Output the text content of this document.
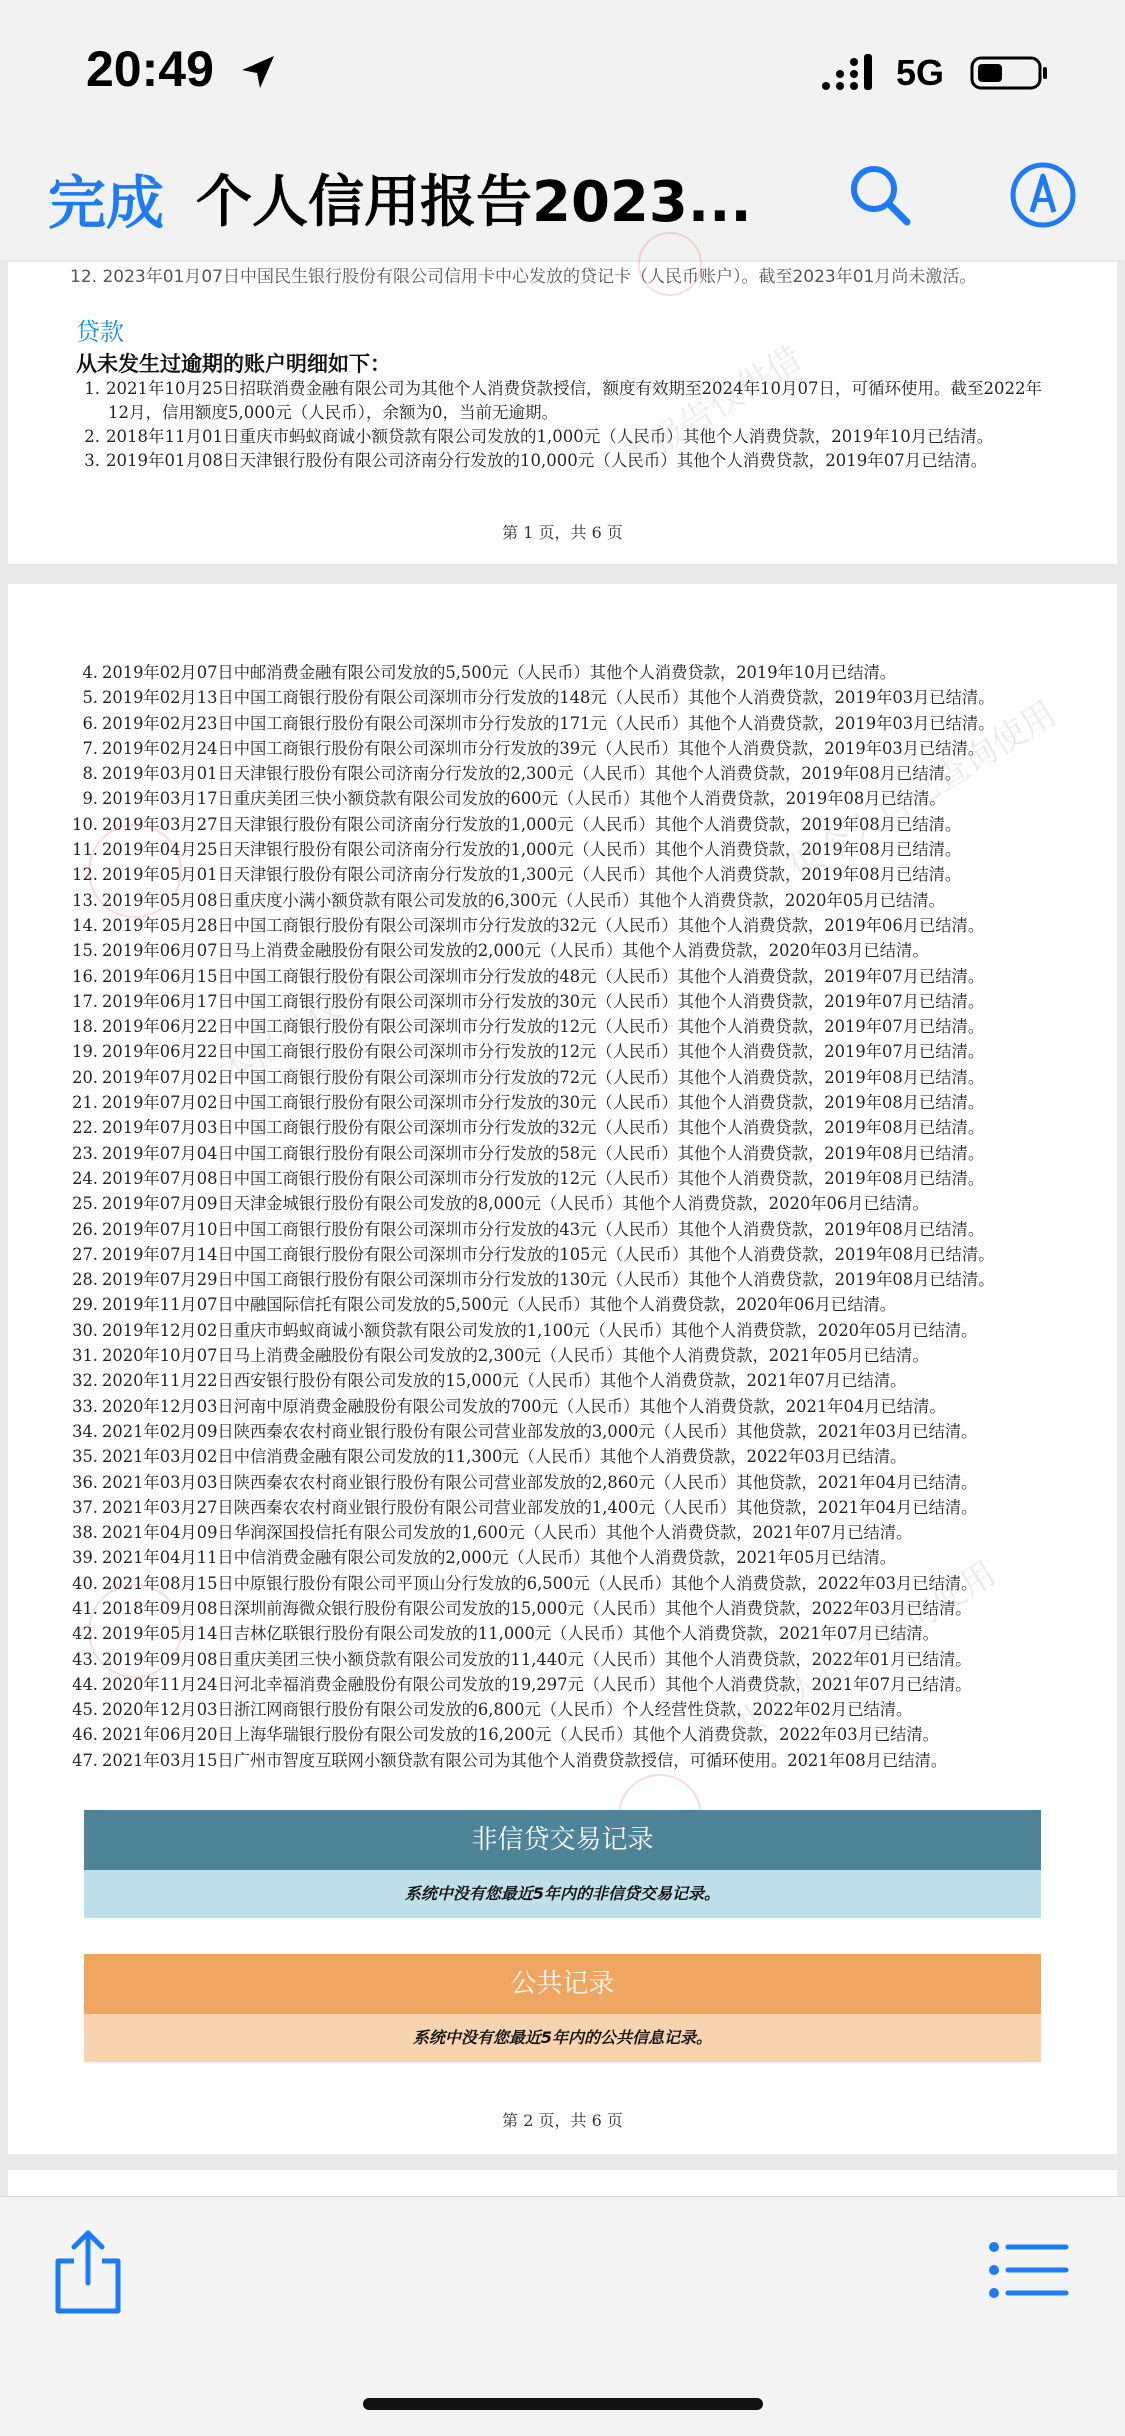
20:49	5G
完成 个人信用报告2023...
12. 2023年01月07日中国民生银行股份有限公司信用卡中心发放的贷记卡（人民币账户）。截至2023年01月尚未激活。
贷款
从未发生过逾期的账户明细如下：
1. 2021年10月25日招联消费金融有限公司为其他个人消费贷款授信，额度有效期至2024年10月07日，可循环使用。截至2022年
12月，信用额度5,000元（人民币），余额为0，当前无逾期。
2. 2018年11月01日重庆市蚂蚁商诚小额贷款有限公司发放的1,000元（人民币）其他个人消费贷款，2019年10月已结清。
3. 2019年01月08日天津银行股份有限公司济南分行发放的10,000元（人民币）其他个人消费贷款，2019年07月已结清。
本报告仅供借
第 1 页，共 6 页
4. 2019年02月07日中邮消费金融有限公司发放的5,500元（人民币）其他个人消费贷款，2019年10月已结清。
5. 2019年02月13日中国工商银行股份有限公司深圳市分行发放的148元（人民币）其他个人消费贷款，2019年03月已结清。
6. 2019年02月23日中国工商银行股份有限公司深圳市分行发放的171元（人民币）其他个人消费贷款，2019年03月已结清。
7. 2019年02月24日中国工商银行股份有限公司深圳市分行发放的39元（人民币）其他个人消费贷款，2019年03月已结清。
8. 2019年03月01日天津银行股份有限公司济南分行发放的2,300元（人民币）其他个人消费贷款，2019年08月已结清。
9. 2019年03月17日重庆美团三快小额贷款有限公司发放的600元（人民币）其他个人消费贷款，2019年08月已结清。
10. 2019年03月27日天津银行股份有限公司济南分行发放的1,000元（人民币）其他个人消费贷款，2019年08月已结清。
11. 2019年04月25日天津银行股份有限公司济南分行发放的1,000元（人民币）其他个人消费贷款，2019年08月已结清。
12. 2019年05月01日天津银行股份有限公司济南分行发放的1,300元（人民币）其他个人消费贷款，2019年08月已结清。
13. 2019年05月08日重庆度小满小额贷款有限公司发放的6,300元（人民币）其他个人消费贷款，2020年05月已结清。
14. 2019年05月28日中国工商银行股份有限公司深圳市分行发放的32元（人民币）其他个人消费贷款，2019年06月已结清。
15. 2019年06月07日马上消费金融股份有限公司发放的2,000元（人民币）其他个人消费贷款，2020年03月已结清。
16. 2019年06月15日中国工商银行股份有限公司深圳市分行发放的48元（人民币）其他个人消费贷款，2019年07月已结清。
17. 2019年06月17日中国工商银行股份有限公司深圳市分行发放的30元（人民币）其他个人消费贷款，2019年07月已结清。
18. 2019年06月22日中国工商银行股份有限公司深圳市分行发放的12元（人民币）其他个人消费贷款，2019年07月已结清。
19. 2019年06月22日中国工商银行股份有限公司深圳市分行发放的12元（人民币）其他个人消费贷款，2019年07月已结清。
20. 2019年07月02日中国工商银行股份有限公司深圳市分行发放的72元（人民币）其他个人消费贷款，2019年08月已结清。
21. 2019年07月02日中国工商银行股份有限公司深圳市分行发放的30元（人民币）其他个人消费贷款，2019年08月已结清。
22. 2019年07月03日中国工商银行股份有限公司深圳市分行发放的32元（人民币）其他个人消费贷款，2019年08月已结清。
23. 2019年07月04日中国工商银行股份有限公司深圳市分行发放的58元（人民币）其他个人消费贷款，2019年08月已结清。
24. 2019年07月08日中国工商银行股份有限公司深圳市分行发放的12元（人民币）其他个人消费贷款，2019年08月已结清。
25. 2019年07月09日天津金城银行股份有限公司发放的8,000元（人民币）其他个人消费贷款，2020年06月已结清。
26. 2019年07月10日中国工商银行股份有限公司深圳市分行发放的43元（人民币）其他个人消费贷款，2019年08月已结清。
27. 2019年07月14日中国工商银行股份有限公司深圳市分行发放的105元（人民币）其他个人消费贷款，2019年08月已结清。
28. 2019年07月29日中国工商银行股份有限公司深圳市分行发放的130元（人民币）其他个人消费贷款，2019年08月已结清。
29. 2019年11月07日中融国际信托有限公司发放的5,500元（人民币）其他个人消费贷款，2020年06月已结清。
30. 2019年12月02日重庆市蚂蚁商诚小额贷款有限公司发放的1,100元（人民币）其他个人消费贷款，2020年05月已结清。
31. 2020年10月07日马上消费金融股份有限公司发放的2,300元（人民币）其他个人消费贷款，2021年05月已结清。
32. 2020年11月22日西安银行股份有限公司发放的15,000元（人民币）其他个人消费贷款，2021年07月已结清。
33. 2020年12月03日河南中原消费金融股份有限公司发放的700元（人民币）其他个人消费贷款，2021年04月已结清。
34. 2021年02月09日陕西秦农农村商业银行股份有限公司营业部发放的3,000元（人民币）其他贷款，2021年03月已结清。
35. 2021年03月02日中信消费金融有限公司发放的11,300元（人民币）其他个人消费贷款，2022年03月已结清。
36. 2021年03月03日陕西秦农农村商业银行股份有限公司营业部发放的2,860元（人民币）其他贷款，2021年04月已结清。
37. 2021年03月27日陕西秦农农村商业银行股份有限公司营业部发放的1,400元（人民币）其他贷款，2021年04月已结清。
38. 2021年04月09日华润深国投信托有限公司发放的1,600元（人民币）其他个人消费贷款，2021年07月已结清。
39. 2021年04月11日中信消费金融有限公司发放的2,000元（人民币）其他个人消费贷款，2021年05月已结清。
40. 2021年08月15日中原银行股份有限公司平顶山分行发放的6,500元（人民币）其他个人消费贷款，2022年03月已结清。
41. 2018年09月08日深圳前海微众银行股份有限公司发放的15,000元（人民币）其他个人消费贷款，2022年03月已结清。
42. 2019年05月14日吉林亿联银行股份有限公司发放的11,000元（人民币）其他个人消费贷款，2021年07月已结清。
43. 2019年09月08日重庆美团三快小额贷款有限公司发放的11,440元（人民币）其他个人消费贷款，2022年01月已结清。
44. 2020年11月24日河北幸福消费金融股份有限公司发放的19,297元（人民币）其他个人消费贷款，2021年07月已结清。
45. 2020年12月03日浙江网商银行股份有限公司发放的6,800元（人民币）个人经营性贷款，2022年02月已结清。
46. 2021年06月20日上海华瑞银行股份有限公司发放的16,200元（人民币）其他个人消费贷款，2022年03月已结清。
47. 2021年03月15日广州市智度互联网小额贷款有限公司为其他个人消费贷款授信，可循环使用。2021年08月已结清。
供个人自己查询使用
本报告仅供
供个人自己查询使用
非信贷交易记录
系统中没有您最近5年内的非信贷交易记录。
公共记录
系统中没有您最近5年内的公共信息记录。
第 2 页，共 6 页
